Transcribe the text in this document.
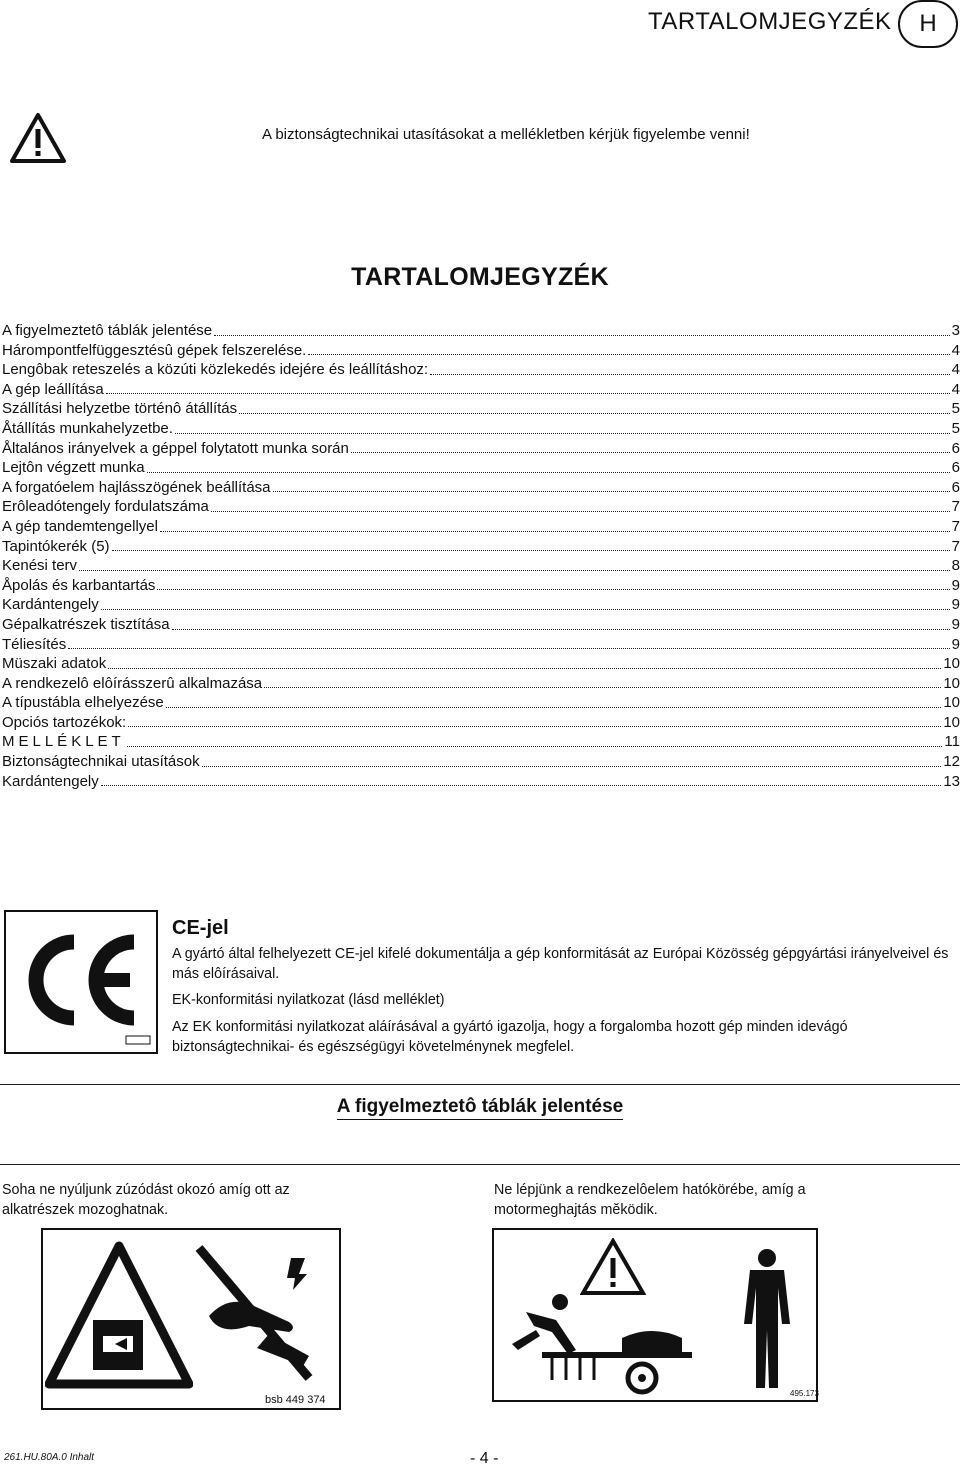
TARTALOMJEGYZÉK H
A biztonságtechnikai utasításokat a mellékletben kérjük figyelembe venni!
TARTALOMJEGYZÉK
A figyelmeztetô táblák jelentése	3
Hárompontfelfüggesztésû gépek felszerelése.	4
Lengôbak reteszelés a közúti közlekedés idejére és leállításhoz:	4
A gép leállítása	4
Szállítási helyzetbe történô átállítás	5
Åtállítás munkahelyzetbe.	5
Åltalános irányelvek a géppel folytatott munka során	6
Lejtôn végzett munka	6
A forgatóelem hajlásszögének beállítása	6
Erôleadótengely fordulatszáma	7
A gép tandemtengellyel	7
Tapintókerék (5)	7
Kenési terv	8
Åpolás és karbantartás	9
Kardántengely	9
Gépalkatrészek tisztítása	9
Téliesítés	9
Müszaki adatok	10
A rendkezelô elôírásszerû alkalmazása	10
A típustábla elhelyezése	10
Opciós tartozékok:	10
MELLÉKLET	11
Biztonságtechnikai utasítások	12
Kardántengely	13
CE-jel
A gyártó által felhelyezett CE-jel kifelé dokumentálja a gép konformitását az Európai Közösség gépgyártási irányelveivel és más elôírásaival.
EK-konformitási nyilatkozat (lásd melléklet)
Az EK konformitási nyilatkozat aláírásával a gyártó igazolja, hogy a forgalomba hozott gép minden idevágó biztonságtechnikai- és egészségügyi követelménynek megfelel.
A figyelmeztetô táblák jelentése
Soha ne nyúljunk zúzódást okozó amíg ott az alkatrészek mozoghatnak.
Ne lépjünk a rendkezelôelem hatókörébe, amíg a motormeghajtás mĕködik.
bsb 449 374
495.173
261.HU.80A.0 Inhalt	- 4 -
